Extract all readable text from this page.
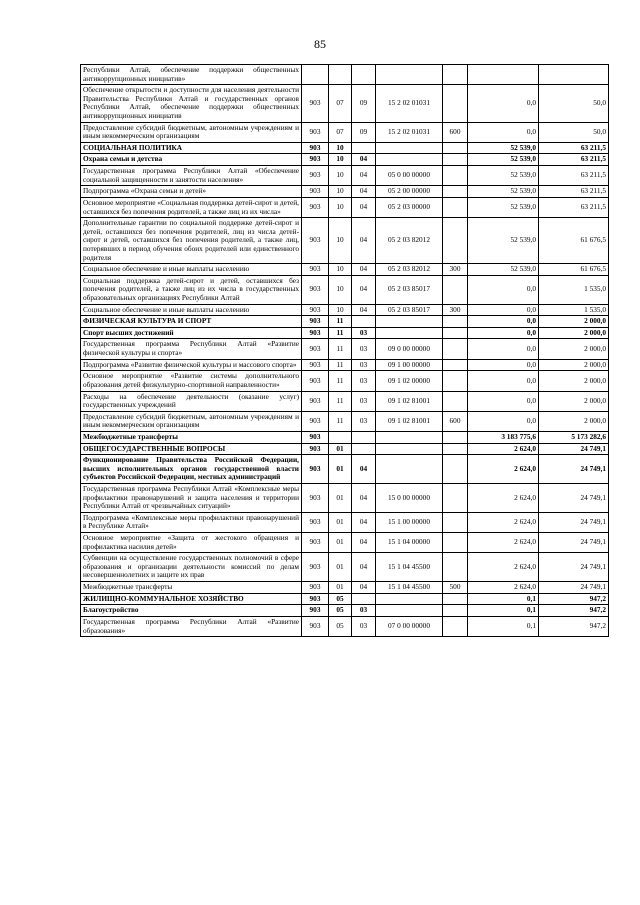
85
Республики Алтай, обеспечение поддержки общественных антикоррупционных инициатив»							
Обеспечение открытости и доступности для населения деятельности Правительства Республики Алтай и государственных органов Республики Алтай, обеспечение поддержки общественных антикоррупционных инициатив	903	07	09	15 2 02 01031		0,0	50,0
Предоставление субсидий бюджетным, автономным учреждениям и иным некоммерческим организациям	903	07	09	15 2 02 01031	600	0,0	50,0
СОЦИАЛЬНАЯ ПОЛИТИКА	903	10				52 539,0	63 211,5
Охрана семьи и детства	903	10	04			52 539,0	63 211,5
Государственная программа Республики Алтай «Обеспечение социальной защищенности и занятости населения»	903	10	04	05 0 00 00000		52 539,0	63 211,5
Подпрограмма «Охрана семьи и детей»	903	10	04	05 2 00 00000		52 539,0	63 211,5
Основное мероприятие «Социальная поддержка детей-сирот и детей, оставшихся без попечения родителей, а также лиц из их числа»	903	10	04	05 2 03 00000		52 539,0	63 211,5
Дополнительные гарантии по социальной поддержке детей-сирот и детей, оставшихся без попечения родителей, лиц из числа детей-сирот и детей, оставшихся без попечения родителей, а также лиц, потерявших в период обучения обоих родителей или единственного родителя	903	10	04	05 2 03 82012		52 539,0	61 676,5
Социальное обеспечение и иные выплаты населению	903	10	04	05 2 03 82012	300	52 539,0	61 676,5
Социальная поддержка детей-сирот и детей, оставшихся без попечения родителей, а также лиц из их числа в государственных образовательных организациях Республики Алтай	903	10	04	05 2 03 85017		0,0	1 535,0
Социальное обеспечение и иные выплаты населению	903	10	04	05 2 03 85017	300	0,0	1 535,0
ФИЗИЧЕСКАЯ КУЛЬТУРА И СПОРТ	903	11				0,0	2 000,0
Спорт высших достижений	903	11	03			0,0	2 000,0
Государственная программа Республики Алтай «Развитие физической культуры и спорта»	903	11	03	09 0 00 00000		0,0	2 000,0
Подпрограмма «Развитие физической культуры и массового спорта»	903	11	03	09 1 00 00000		0,0	2 000,0
Основное мероприятие «Развитие системы дополнительного образования детей физкультурно-спортивной направленности»	903	11	03	09 1 02 00000		0,0	2 000,0
Расходы на обеспечение деятельности (оказание услуг) государственных учреждений	903	11	03	09 1 02 81001		0,0	2 000,0
Предоставление субсидий бюджетным, автономным учреждениям и иным некоммерческим организациям	903	11	03	09 1 02 81001	600	0,0	2 000,0
Межбюджетные трансферты	903					3 183 775,6	5 173 282,6
ОБЩЕГОСУДАРСТВЕННЫЕ ВОПРОСЫ	903	01				2 624,0	24 749,1
Функционирование Правительства Российской Федерации, высших исполнительных органов государственной власти субъектов Российской Федерации, местных администраций	903	01	04			2 624,0	24 749,1
Государственная программа Республики Алтай «Комплексные меры профилактики правонарушений и защита населения и территории Республики Алтай от чрезвычайных ситуаций»	903	01	04	15 0 00 00000		2 624,0	24 749,1
Подпрограмма «Комплексные меры профилактики правонарушений в Республике Алтай»	903	01	04	15 1 00 00000		2 624,0	24 749,1
Основное мероприятие «Защита от жестокого обращения и профилактика насилия детей»	903	01	04	15 1 04 00000		2 624,0	24 749,1
Субвенции на осуществление государственных полномочий в сфере образования и организации деятельности комиссий по делам несовершеннолетних и защите их прав	903	01	04	15 1 04 45500		2 624,0	24 749,1
Межбюджетные трансферты	903	01	04	15 1 04 45500	500	2 624,0	24 749,1
ЖИЛИЩНО-КОММУНАЛЬНОЕ ХОЗЯЙСТВО	903	05				0,1	947,2
Благоустройство	903	05	03			0,1	947,2
Государственная программа Республики Алтай «Развитие образования»	903	05	03	07 0 00 00000		0,1	947,2
